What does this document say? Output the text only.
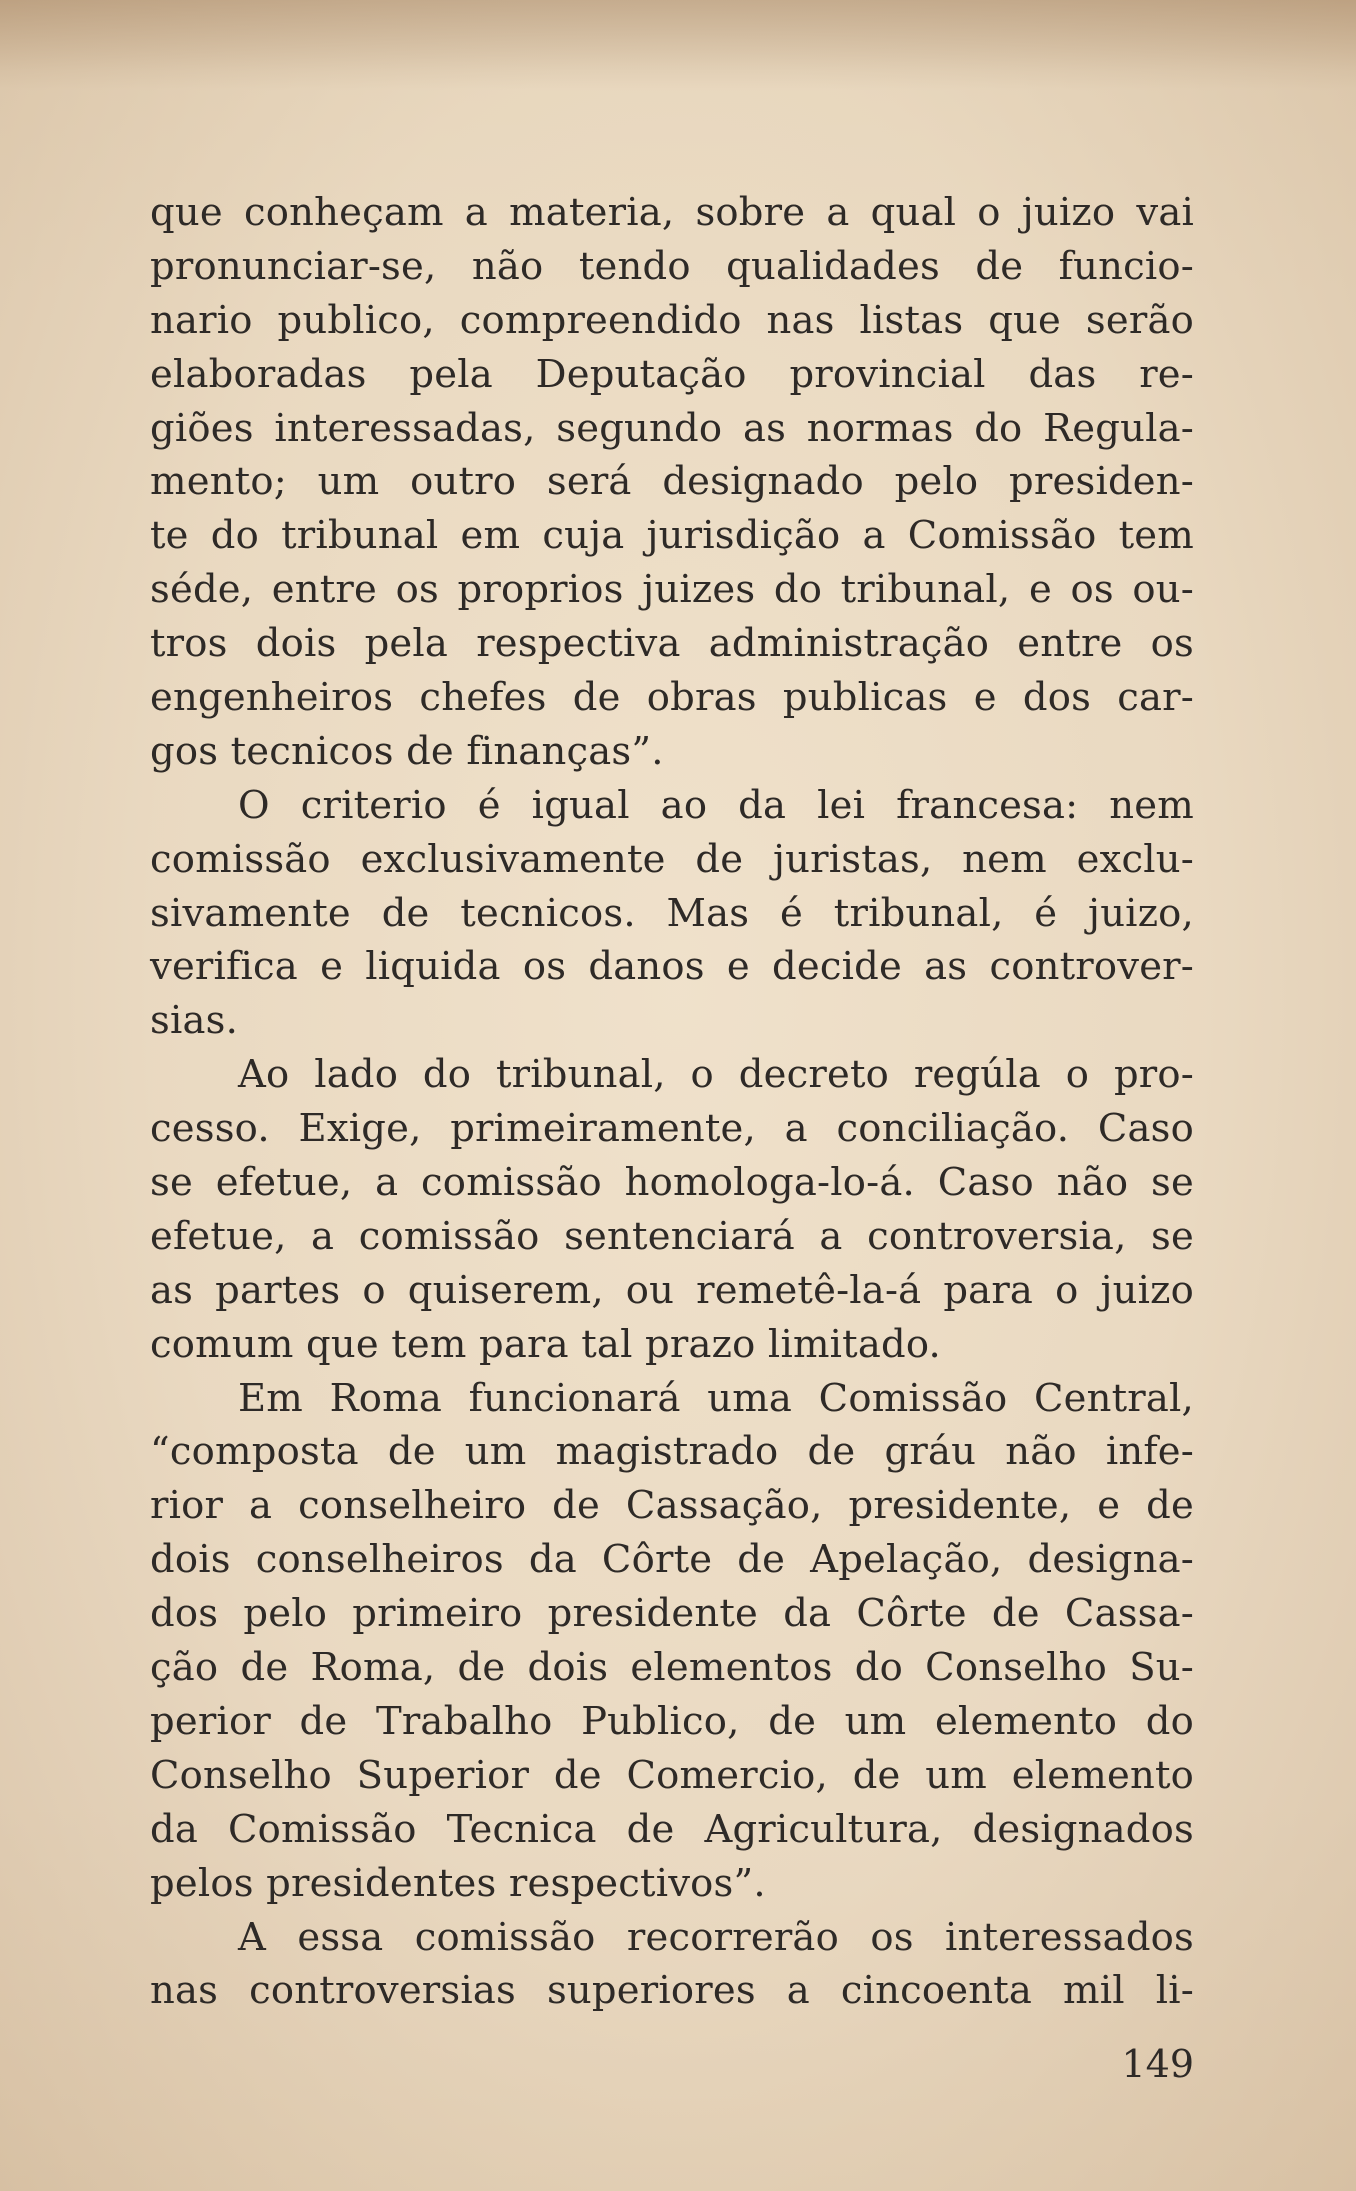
que conheçam a materia, sobre a qual o juizo vai
pronunciar-se, não tendo qualidades de funcio-
nario publico, compreendido nas listas que serão
elaboradas pela Deputação provincial das re-
giões interessadas, segundo as normas do Regula-
mento; um outro será designado pelo presiden-
te do tribunal em cuja jurisdição a Comissão tem
séde, entre os proprios juizes do tribunal, e os ou-
tros dois pela respectiva administração entre os
engenheiros chefes de obras publicas e dos car-
gos tecnicos de finanças”.
O criterio é igual ao da lei francesa: nem
comissão exclusivamente de juristas, nem exclu-
sivamente de tecnicos. Mas é tribunal, é juizo,
verifica e liquida os danos e decide as controver-
sias.
Ao lado do tribunal, o decreto regúla o pro-
cesso. Exige, primeiramente, a conciliação. Caso
se efetue, a comissão homologa-lo-á. Caso não se
efetue, a comissão sentenciará a controversia, se
as partes o quiserem, ou remetê-la-á para o juizo
comum que tem para tal prazo limitado.
Em Roma funcionará uma Comissão Central,
“composta de um magistrado de gráu não infe-
rior a conselheiro de Cassação, presidente, e de
dois conselheiros da Côrte de Apelação, designa-
dos pelo primeiro presidente da Côrte de Cassa-
ção de Roma, de dois elementos do Conselho Su-
perior de Trabalho Publico, de um elemento do
Conselho Superior de Comercio, de um elemento
da Comissão Tecnica de Agricultura, designados
pelos presidentes respectivos”.
A essa comissão recorrerão os interessados
nas controversias superiores a cincoenta mil li-
149
